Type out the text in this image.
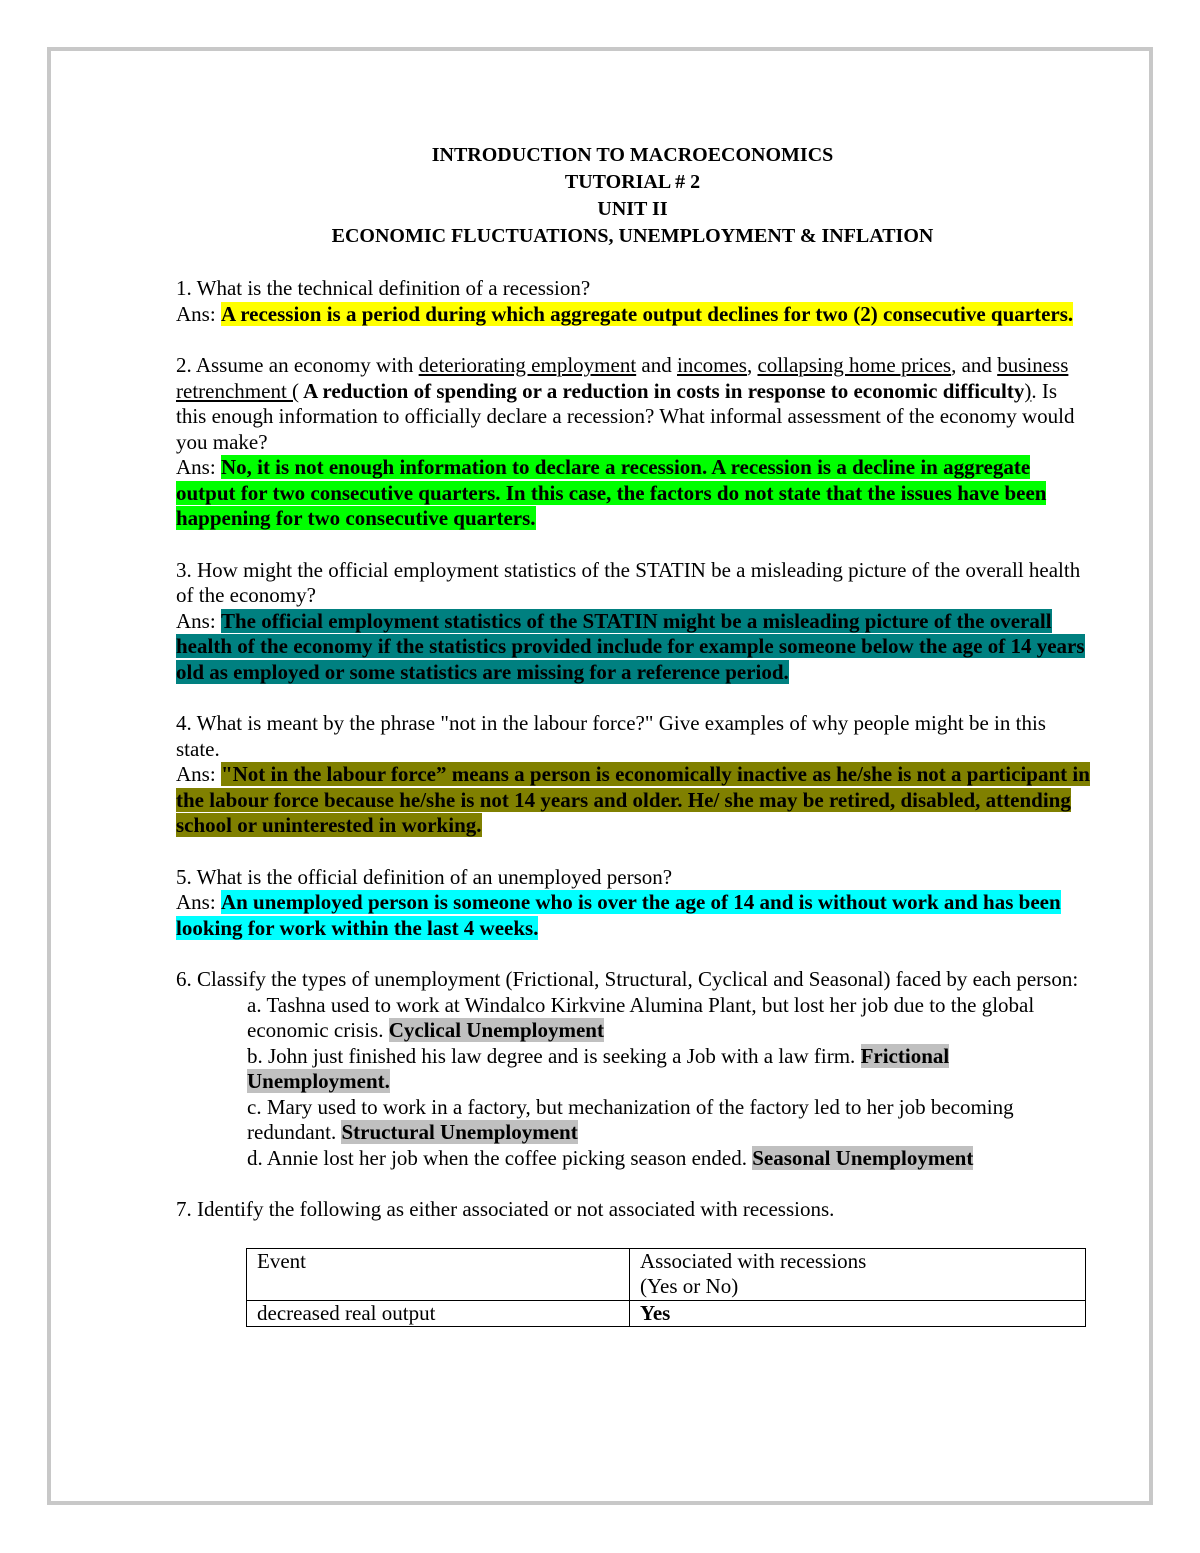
INTRODUCTION TO MACROECONOMICS
TUTORIAL # 2
UNIT II
ECONOMIC FLUCTUATIONS, UNEMPLOYMENT & INFLATION
1. What is the technical definition of a recession?
Ans: A recession is a period during which aggregate output declines for two (2) consecutive quarters.
2. Assume an economy with deteriorating employment and incomes, collapsing home prices, and business retrenchment ( A reduction of spending or a reduction in costs in response to economic difficulty). Is this enough information to officially declare a recession? What informal assessment of the economy would you make?
Ans: No, it is not enough information to declare a recession. A recession is a decline in aggregate output for two consecutive quarters. In this case, the factors do not state that the issues have been happening for two consecutive quarters.
3. How might the official employment statistics of the STATIN be a misleading picture of the overall health of the economy?
Ans: The official employment statistics of the STATIN might be a misleading picture of the overall health of the economy if the statistics provided include for example someone below the age of 14 years old as employed or some statistics are missing for a reference period.
4. What is meant by the phrase "not in the labour force?" Give examples of why people might be in this state.
Ans: "Not in the labour force” means a person is economically inactive as he/she is not a participant in the labour force because he/she is not 14 years and older. He/ she may be retired, disabled, attending school or uninterested in working.
5. What is the official definition of an unemployed person?
Ans: An unemployed person is someone who is over the age of 14 and is without work and has been looking for work within the last 4 weeks.
6. Classify the types of unemployment (Frictional, Structural, Cyclical and Seasonal) faced by each person:
a. Tashna used to work at Windalco Kirkvine Alumina Plant, but lost her job due to the global economic crisis. Cyclical Unemployment
b. John just finished his law degree and is seeking a Job with a law firm. Frictional Unemployment.
c. Mary used to work in a factory, but mechanization of the factory led to her job becoming redundant. Structural Unemployment
d. Annie lost her job when the coffee picking season ended. Seasonal Unemployment
7. Identify the following as either associated or not associated with recessions.
Event	Associated with recessions
(Yes or No)

decreased real output	Yes
